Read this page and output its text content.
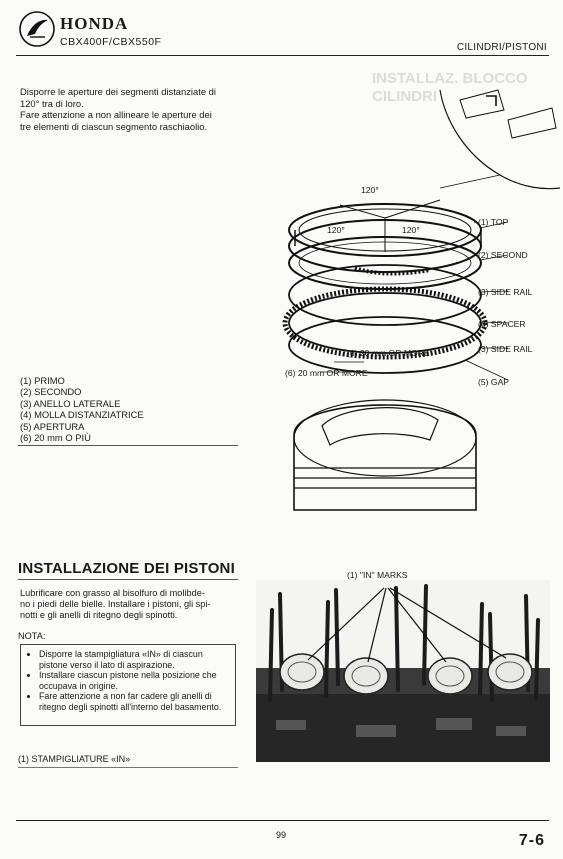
INSTALLAZ. BLOCCO
CILINDRI
HONDA
CBX400F/CBX550F	CILINDRI/PISTONI
Disporre le aperture dei segmenti distanziate di
120° tra di loro.
Fare attenzione a non allineare le aperture dei
tre elementi di ciascun segmento raschiaolio.
120°
120°	120°
(1) TOP
(2) SECOND
(3) SIDE RAIL
(4) SPACER
(3) SIDE RAIL
(5) GAP
(6) 20 mm OR MORE
(6) 20 mm OR MORE
(1) PRIMO
(2) SECONDO
(3) ANELLO LATERALE
(4) MOLLA DISTANZIATRICE
(5) APERTURA
(6) 20 mm O PIÙ
INSTALLAZIONE DEI PISTONI
Lubrificare con grasso al bisolfuro di molibde-
no i piedi delle bielle. Installare i pistoni, gli spi-
notti e gli anelli di ritegno degli spinotti.
NOTA:
• Disporre la stampigliatura «IN» di ciascun pistone verso il lato di aspirazione.
• Installare ciascun pistone nella posizione che occupava in origine.
• Fare attenzione a non far cadere gli anelli di ritegno degli spinotti all'interno del basamento.
(1) STAMPIGLIATURE «IN»
(1) "IN" MARKS
99	7-6
